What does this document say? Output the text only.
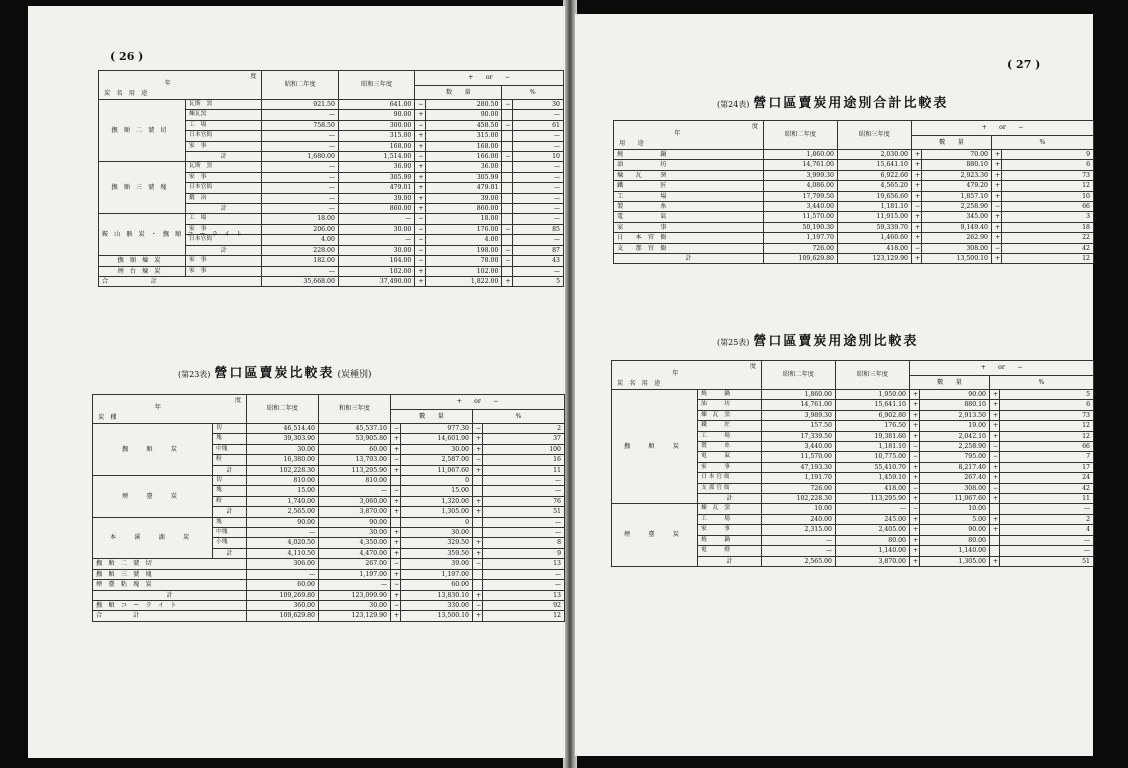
( 26 )
度
年
炭　名　 用　途		昭和二年度	昭和三年度	+　　 or　　 −			
				数　　量		%	
撫順二號切	瓦斯　窯	921.50	641.00	−	280.50	−	30
	煉瓦窯	—	90.00	+	90.00		—
	工　場	758.50	300.00	−	458.50	−	61
	日本官衙	—	315.00	+	315.00		—
	家　事	—	168.00	+	168.00		—
	計	1,680.00	1,514.00	−	166.00	−	10
撫順三號塊	瓦斯　窯	—	36.00	+	36.00		—
	家　事	—	305.99	+	305.99		—
	日本官衙	—	479.01	+	479.01		—
	鍛　冶	—	39.00	+	39.00		—
	計	—	860.00	+	860.00		—
鞍山骸炭・撫順コーライト	工　場	18.00	—	−	18.00		—
	家　事	206.00	30.00	−	176.00	−	85
	日本官衙	4.00	—	−	4.00		—
	計	228.00	30.00	−	198.00	−	87
撫順煉炭	家　事	182.00	104.00	−	78.00	−	43
煙台煉炭	家　事	—	102.00	+	102.00		—
合　　　計		35,668.00	37,490.00	+	1,822.00	+	5
(第23表) 營口區賣炭比較表 (炭種別)
度
年
炭　種		昭和二年度	和和三年度	+　　 or　　 −			
				數　　量		%	
撫　順　炭	切	46,514.40	45,537.10	−	977.30	−	2
	塊	39,303.90	53,905.80	+	14,601.90	+	37
	中塊	30.00	60.00	+	30.00	+	100
	粉	16,380.00	13,793.00	−	2,587.00	−	16
	計	102,228.30	113,295.90	+	11,067.60	+	11
煙　臺　炭	切	810.00	810.00		0		—
	塊	15.00	—	−	15.00		—
	粉	1,740.00	3,060.00	+	1,320.00	+	76
	計	2,565.00	3,870.00	+	1,305.00	+	51
本　溪　湖　炭	塊	90.00	90.00		0		—
	中塊	—	30.00	+	30.00		—
	小塊	4,020.50	4,350.00	+	329.50	+	8
	計	4,110.50	4,470.00	+	359.50	+	9
撫　順　二　號　切		306.00	267.00	−	39.00	−	13
撫　順　三　號　塊		—	1,197.00	+	1,197.00		—
煙　臺　粘　塊　炭		60.00	—	−	60.00		—
計		109,269.80	123,099.90	+	13,830.10	+	13
撫　順　コ　ー　ラ　イ　ト		360.00	30.00	−	330.00	−	92
合　　　　　計		109,629.80	123,129.90	+	13,500.10	+	12
( 27 )
(第24表) 營口區賣炭用途別合計比較表
度
年
用　　 途	昭和二年度	昭和三年度	+　　 or　　 −			
			數　　量		%	
燒　　　　　　鍋	1,860.00	2,030.00	+	70.00	+	9
油　　　　　　坊	14,761.00	15,641.10	+	880.10	+	6
煉　　瓦　　　窯	3,999.30	6,922.60	+	2,923.30	+	73
鐵　　　　　　匠	4,086.00	4,565.20	+	479.20	+	12
工　　　　　　場	17,799.50	19,656.60	+	1,857.10	+	10
製　　　　　　糸	3,440.00	1,181.10	−	2,258.90	−	66
電　　　　　　氣	11,570.00	11,915.00	+	345.00	+	3
家　　　　　　事	50,190.30	59,339.70	+	9,149.40	+	18
日　　本　官　衙	1,197.70	1,460.60	+	262.90	+	22
支　　那　官　衙	726.00	418.00	−	308.00	−	42
計	109,629.80	123,129.90	+	13,500.10	+	12
(第25表) 營口區賣炭用途別比較表
度
年
炭　名　 用　途		昭和二年度	昭和三年度	+　　 or　　 −			
				數　　量		%	
撫　順　炭	燒　　　鍋	1,860.00	1,950.00	+	90.00	+	5
	油　　　坊	14,761.00	15,641.10	+	880.10	+	6
	煉　瓦　窯	3,989.30	6,902.80	+	2,913.50	+	73
	鐵　　　匠	157.50	176.50	+	19.00	+	12
	工　　　場	17,339.50	19,381.60	+	2,042.10	+	12
	製　　　糸	3,440.00	1,181.10	−	2,258.90	−	66
	電　　　氣	11,570.00	10,775.00	−	795.00	−	7
	家　　　事	47,193.30	55,410.70	+	8,217.40	+	17
	日 本 官 衙	1,191.70	1,459.10	+	267.40	+	24
	支 那 官 衙	726.00	418.00	−	308.00	−.	42
	計	102,228.30	113,295.90	+	11,067.60	+	11
煙　臺　炭	煉　瓦　窯	10.00	—	−	10.00		—
	工　　　場	240.00	245.00	+	5.00	+	2
	家　　　事	2,315.00	2,405.00	+	90.00	+	4
	燒　　　鍋	—	80.00	+	80.00		—
	電　　　燈	—	1,140.00	+	1,140.00		—
	計	2,565.00	3,870.00	+	1,305.00	+	51
